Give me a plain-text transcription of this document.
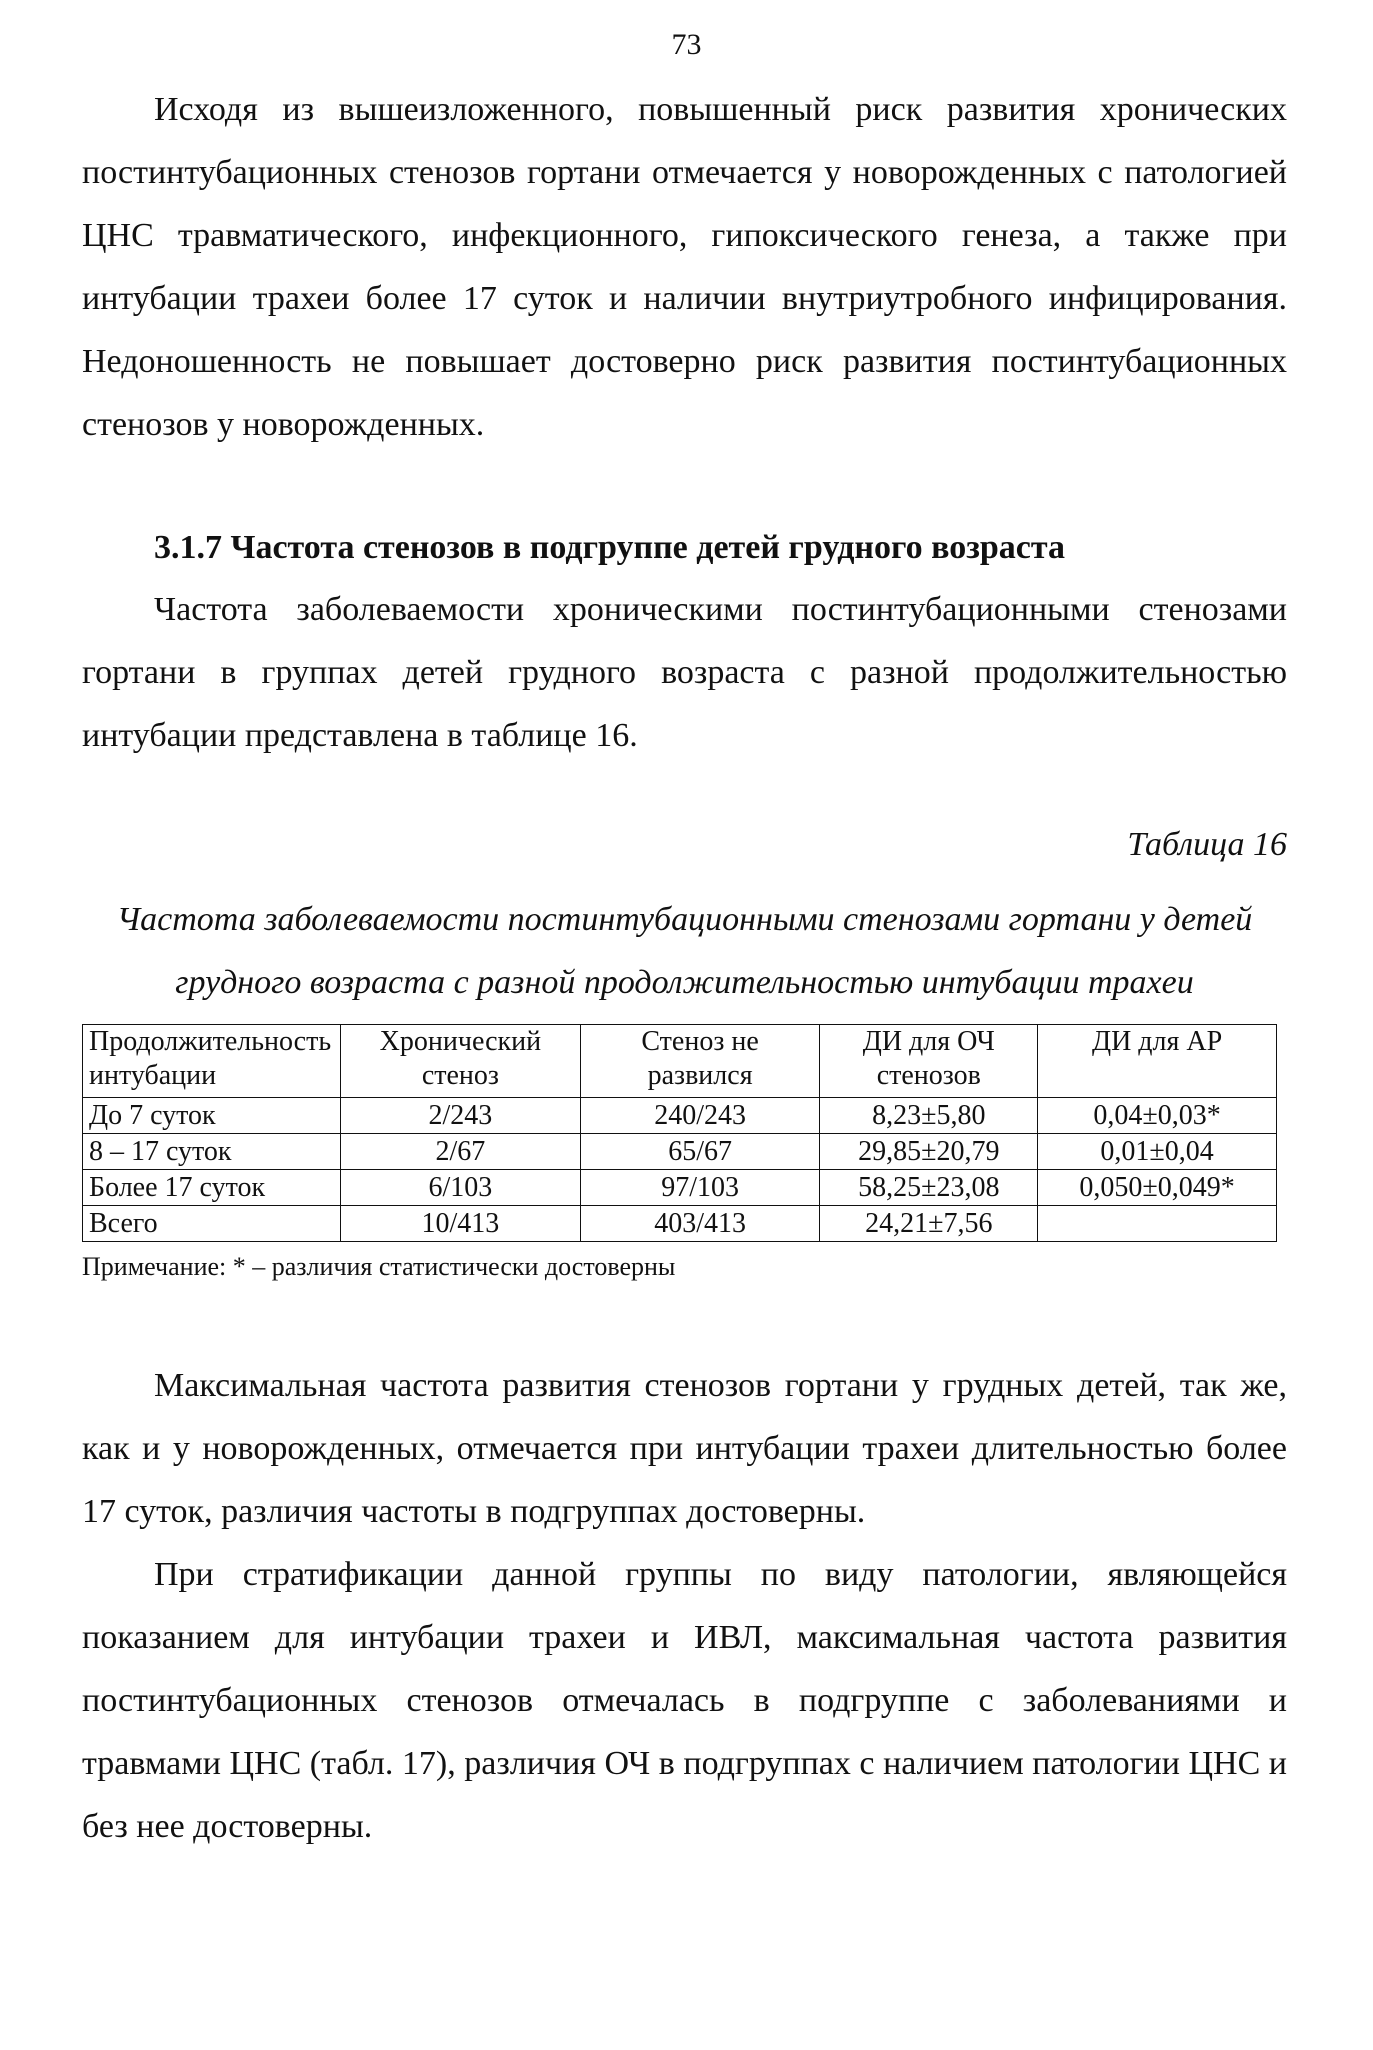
73

Исходя из вышеизложенного, повышенный риск развития хронических постинтубационных стенозов гортани отмечается у новорожденных с патологией ЦНС травматического, инфекционного, гипоксического генеза, а также при интубации трахеи более 17 суток и наличии внутриутробного инфицирования. Недоношенность не повышает достоверно риск развития постинтубационных стенозов у новорожденных.

3.1.7 Частота стенозов в подгруппе детей грудного возраста

Частота заболеваемости хроническими постинтубационными стенозами гортани в группах детей грудного возраста с разной продолжительностью интубации представлена в таблице 16.

Таблица 16

Частота заболеваемости постинтубационными стенозами гортани у детей грудного возраста с разной продолжительностью интубации трахеи

Продолжительность интубации	Хронический стеноз	Стеноз не развился	ДИ для ОЧ стенозов	ДИ для АР
До 7 суток	2/243	240/243	8,23±5,80	0,04±0,03*
8 – 17 суток	2/67	65/67	29,85±20,79	0,01±0,04
Более 17 суток	6/103	97/103	58,25±23,08	0,050±0,049*
Всего	10/413	403/413	24,21±7,56	

Примечание: * – различия статистически достоверны

Максимальная частота развития стенозов гортани у грудных детей, так же, как и у новорожденных, отмечается при интубации трахеи длительностью более 17 суток, различия частоты в подгруппах достоверны.

При стратификации данной группы по виду патологии, являющейся показанием для интубации трахеи и ИВЛ, максимальная частота развития постинтубационных стенозов отмечалась в подгруппе с заболеваниями и травмами ЦНС (табл. 17), различия ОЧ в подгруппах с наличием патологии ЦНС и без нее достоверны.
